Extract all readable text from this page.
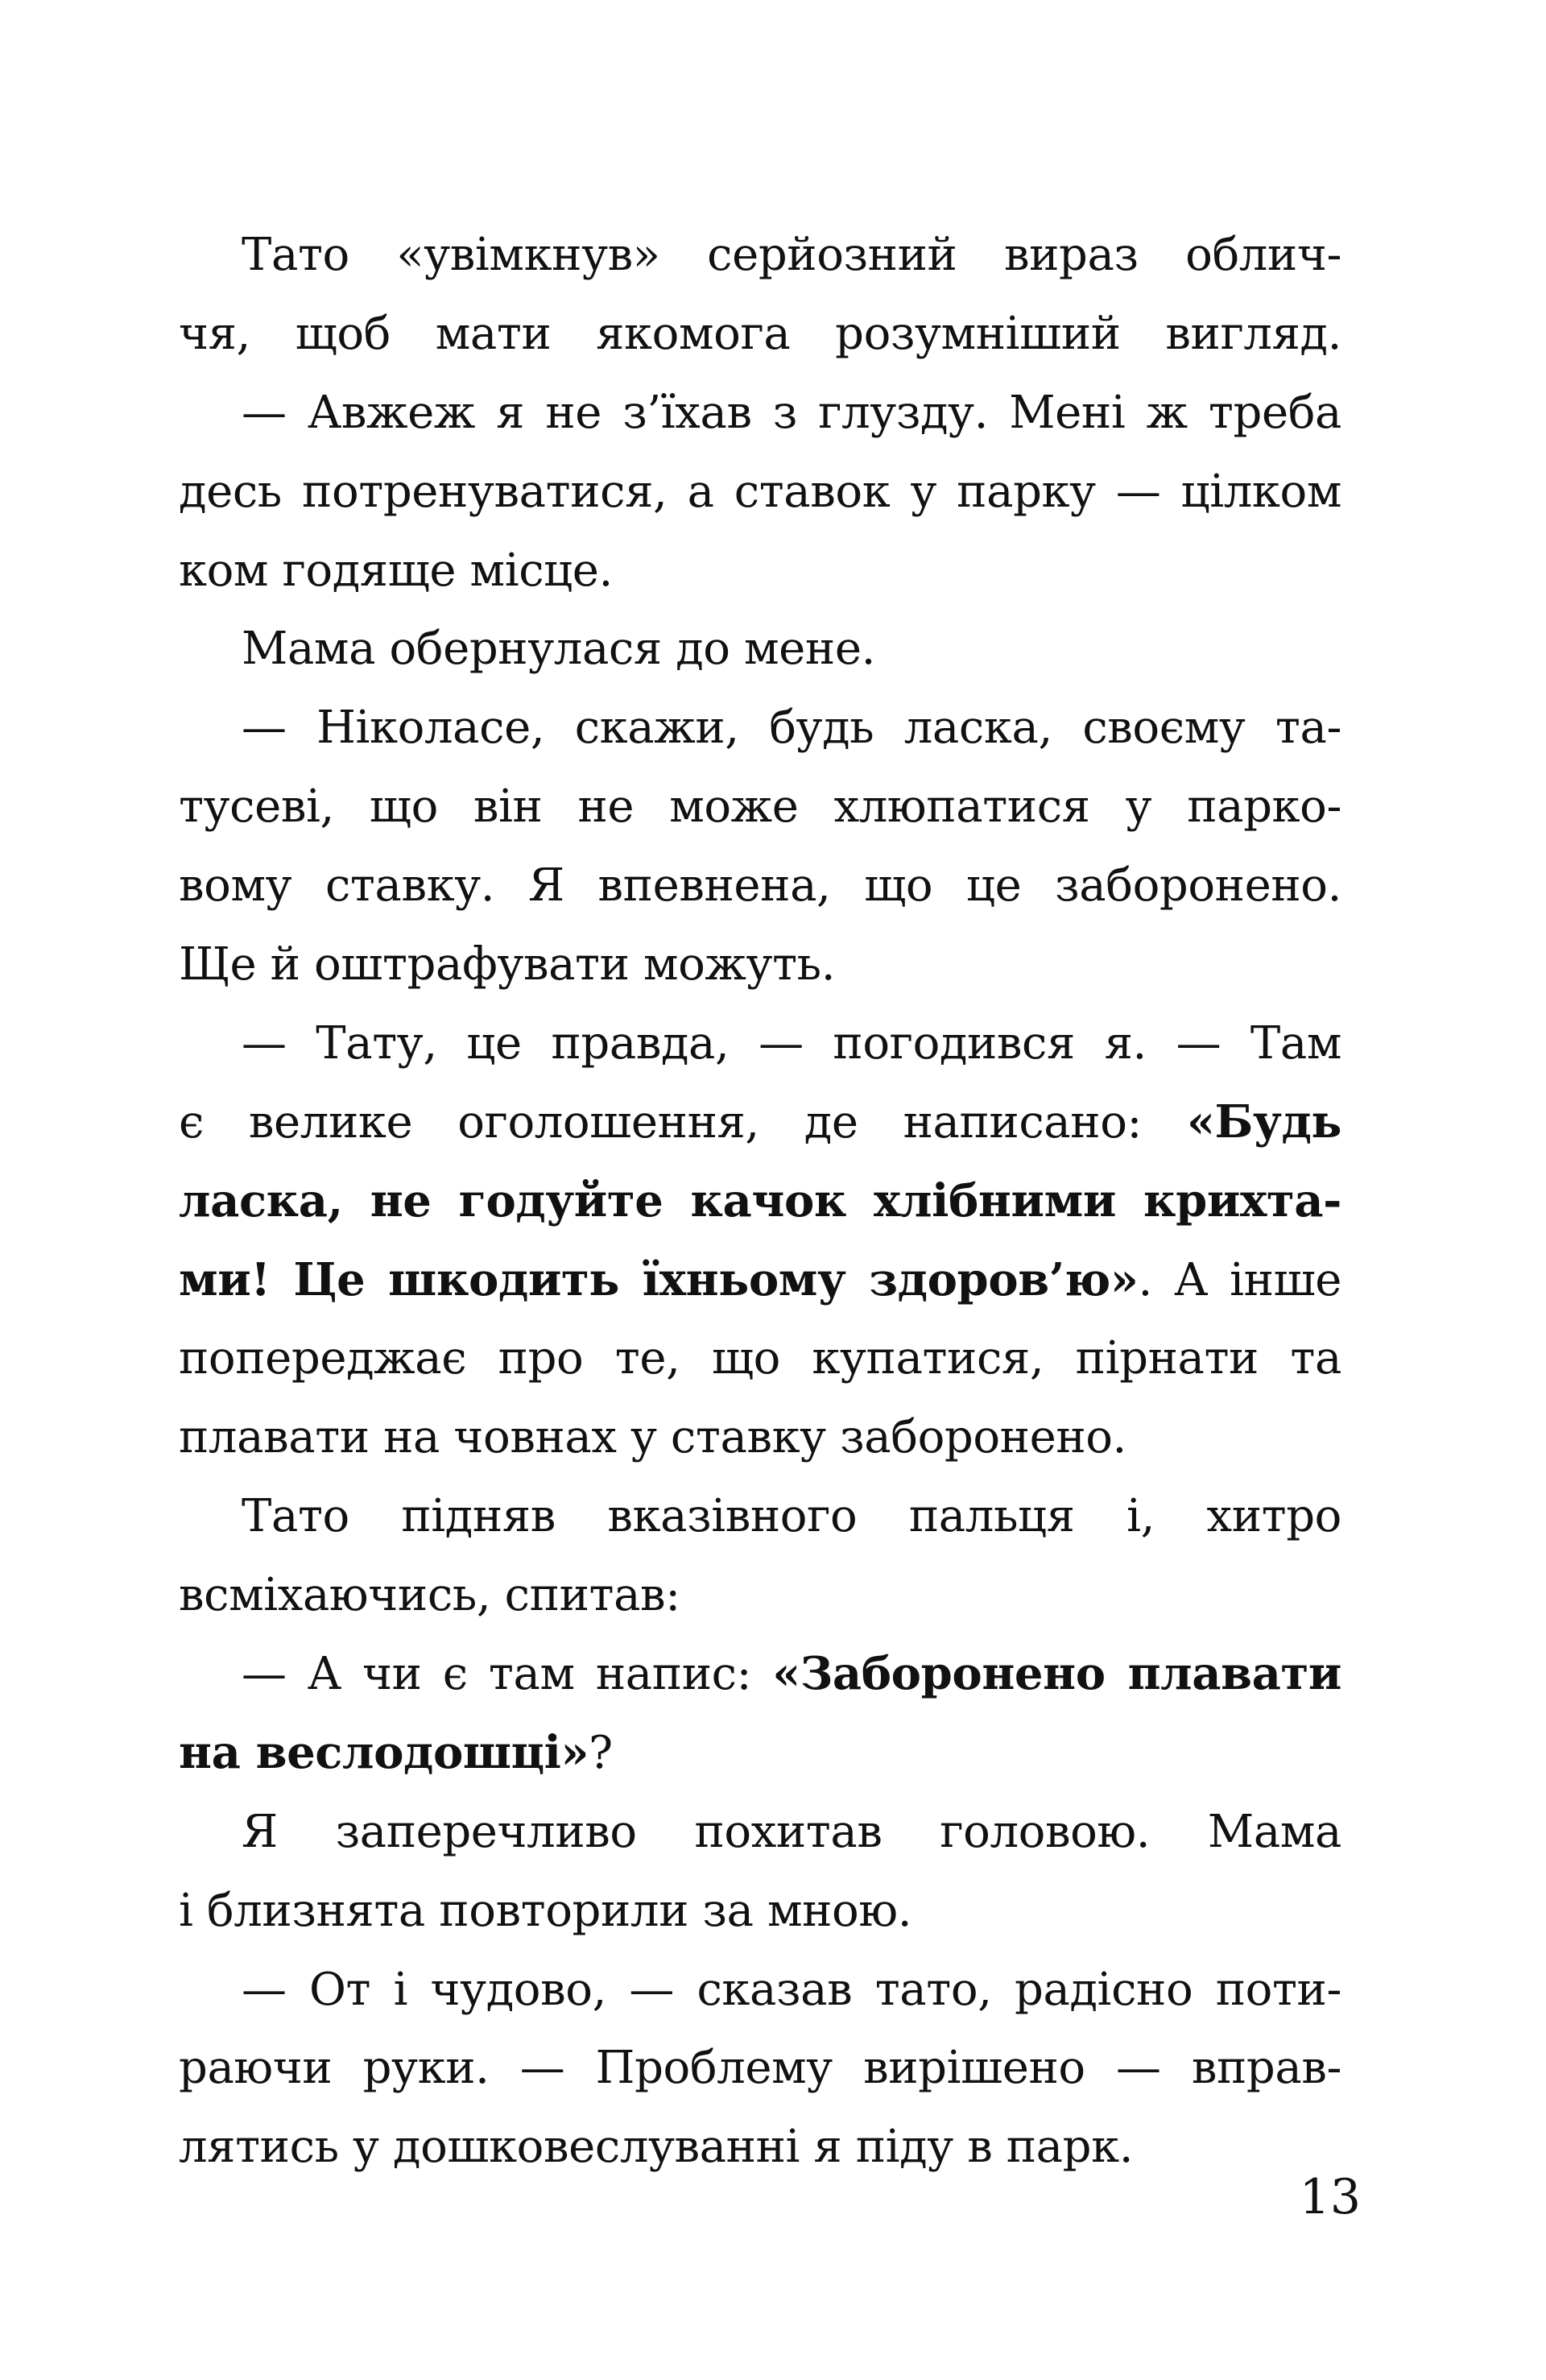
Тато «увімкнув» серйозний вираз облич-
чя, щоб мати якомога розумніший вигляд.
— Авжеж я не з’їхав з глузду. Мені ж треба
десь потренуватися, а ставок у парку — цілком
ком годяще місце.
Мама обернулася до мене.
— Ніколасе, скажи, будь ласка, своєму та-
тусеві, що він не може хлюпатися у парко-
вому ставку. Я впевнена, що це заборонено.
Ще й оштрафувати можуть.
— Тату, це правда, — погодився я. — Там
є велике оголошення, де написано: «Будь
ласка, не годуйте качок хлібними крихта-
ми! Це шкодить їхньому здоров’ю». А інше
попереджає про те, що купатися, пірнати та
плавати на човнах у ставку заборонено.
Тато підняв вказівного пальця і, хитро
всміхаючись, спитав:
— А чи є там напис: «Заборонено плавати
на веслодошці»?
Я заперечливо похитав головою. Мама
і близнята повторили за мною.
— От і чудово, — сказав тато, радісно поти-
раючи руки. — Проблему вирішено — вправ-
лятись у дошковеслуванні я піду в парк.
13
